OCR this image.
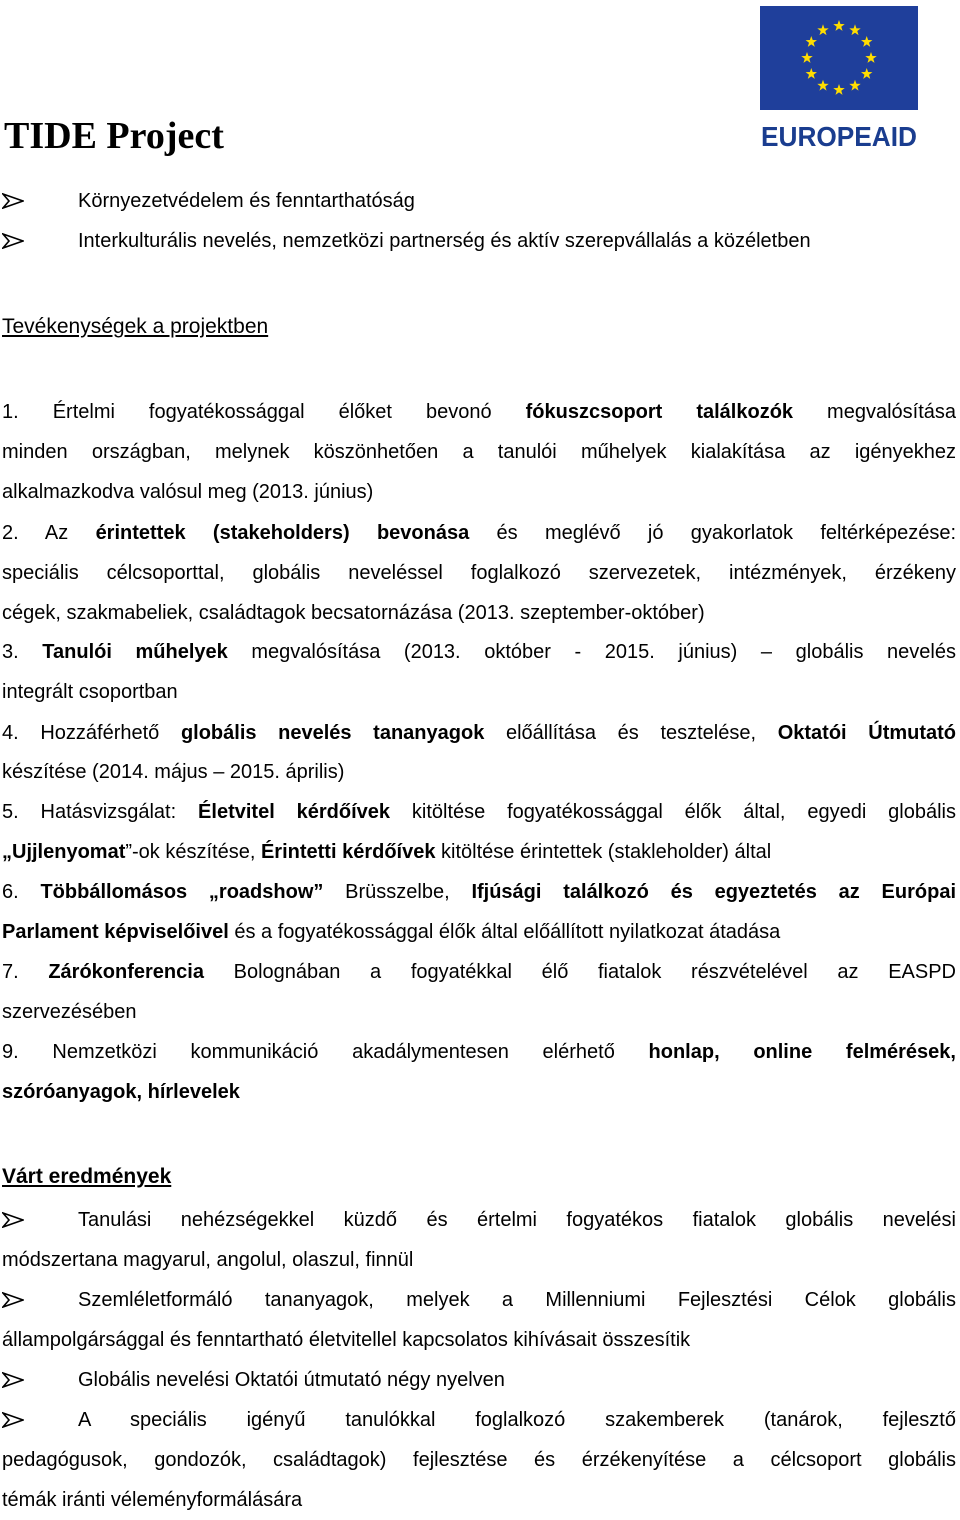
EUROPEAID
TIDE Project
Környezetvédelem és fenntarthatóság
Interkulturális nevelés, nemzetközi partnerség és aktív szerepvállalás a közéletben
Tevékenységek a projektben
1. Értelmi fogyatékossággal élőket bevonó fókuszcsoport találkozók megvalósítása
minden országban, melynek köszönhetően a tanulói műhelyek kialakítása az igényekhez
alkalmazkodva valósul meg (2013. június)
2. Az érintettek (stakeholders) bevonása és meglévő jó gyakorlatok feltérképezése:
speciális célcsoporttal, globális neveléssel foglalkozó szervezetek, intézmények, érzékeny
cégek, szakmabeliek, családtagok becsatornázása (2013. szeptember-október)
3. Tanulói műhelyek megvalósítása (2013. október - 2015. június) – globális nevelés
integrált csoportban
4. Hozzáférhető globális nevelés tananyagok előállítása és tesztelése, Oktatói Útmutató
készítése (2014. május – 2015. április)
5. Hatásvizsgálat: Életvitel kérdőívek kitöltése fogyatékossággal élők által, egyedi globális
„Ujjlenyomat”-ok készítése, Érintetti kérdőívek kitöltése érintettek (stakleholder) által
6. Többállomásos „roadshow” Brüsszelbe, Ifjúsági találkozó és egyeztetés az Európai
Parlament képviselőivel és a fogyatékossággal élők által előállított nyilatkozat átadása
7. Zárókonferencia Bolognában a fogyatékkal élő fiatalok részvételével az EASPD
szervezésében
9. Nemzetközi kommunikáció akadálymentesen elérhető honlap, online felmérések,
szóróanyagok, hírlevelek
Várt eredmények
Tanulási nehézségekkel küzdő és értelmi fogyatékos fiatalok globális nevelési
módszertana magyarul, angolul, olaszul, finnül
Szemléletformáló tananyagok, melyek a Millenniumi Fejlesztési Célok globális
állampolgársággal és fenntartható életvitellel kapcsolatos kihívásait összesítik
Globális nevelési Oktatói útmutató négy nyelven
A speciális igényű tanulókkal foglalkozó szakemberek (tanárok, fejlesztő
pedagógusok, gondozók, családtagok) fejlesztése és érzékenyítése a célcsoport globális
témák iránti véleményformálására
